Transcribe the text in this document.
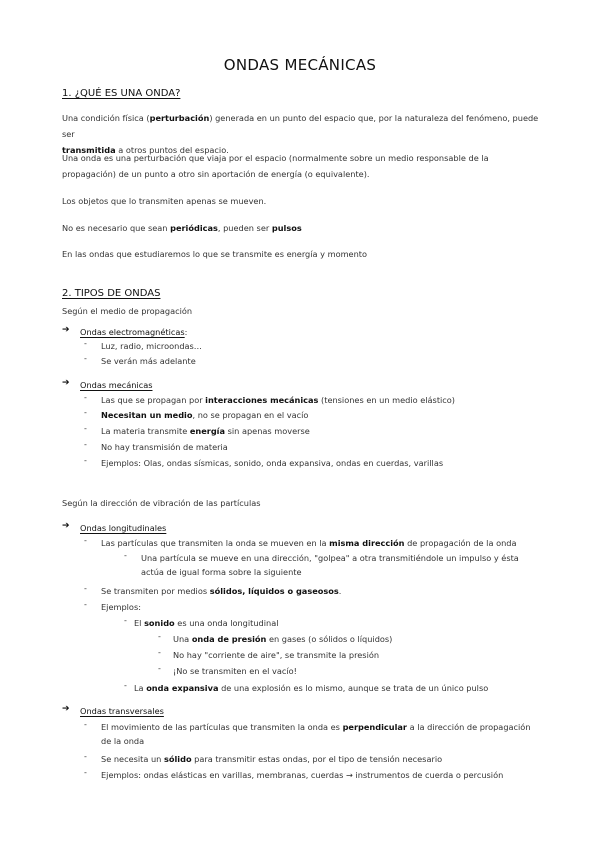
ONDAS MECÁNICAS
1. ¿QUÉ ES UNA ONDA?
Una condición física (perturbación) generada en un punto del espacio que, por la naturaleza del fenómeno, puede ser
transmitida a otros puntos del espacio.
Una onda es una perturbación que viaja por el espacio (normalmente sobre un medio responsable de la propagación) de un punto a otro sin aportación de energía (o equivalente).
Los objetos que lo transmiten apenas se mueven.
No es necesario que sean periódicas, pueden ser pulsos
En las ondas que estudiaremos lo que se transmite es energía y momento
2. TIPOS DE ONDAS
Según el medio de propagación
➔ Ondas electromagnéticas:
- Luz, radio, microondas…
- Se verán más adelante
➔ Ondas mecánicas
- Las que se propagan por interacciones mecánicas (tensiones en un medio elástico)
- Necesitan un medio, no se propagan en el vacío
- La materia transmite energía sin apenas moverse
- No hay transmisión de materia
- Ejemplos: Olas, ondas sísmicas, sonido, onda expansiva, ondas en cuerdas, varillas
Según la dirección de vibración de las partículas
➔ Ondas longitudinales
- Las partículas que transmiten la onda se mueven en la misma dirección de propagación de la onda
- Una partícula se mueve en una dirección, "golpea" a otra transmitiéndole un impulso y ésta actúa de igual forma sobre la siguiente
- Se transmiten por medios sólidos, líquidos o gaseosos.
- Ejemplos:
- El sonido es una onda longitudinal
- Una onda de presión en gases (o sólidos o líquidos)
- No hay "corriente de aire", se transmite la presión
- ¡No se transmiten en el vacío!
- La onda expansiva de una explosión es lo mismo, aunque se trata de un único pulso
➔ Ondas transversales
- El movimiento de las partículas que transmiten la onda es perpendicular a la dirección de propagación de la onda
- Se necesita un sólido para transmitir estas ondas, por el tipo de tensión necesario
- Ejemplos: ondas elásticas en varillas, membranas, cuerdas → instrumentos de cuerda o percusión
